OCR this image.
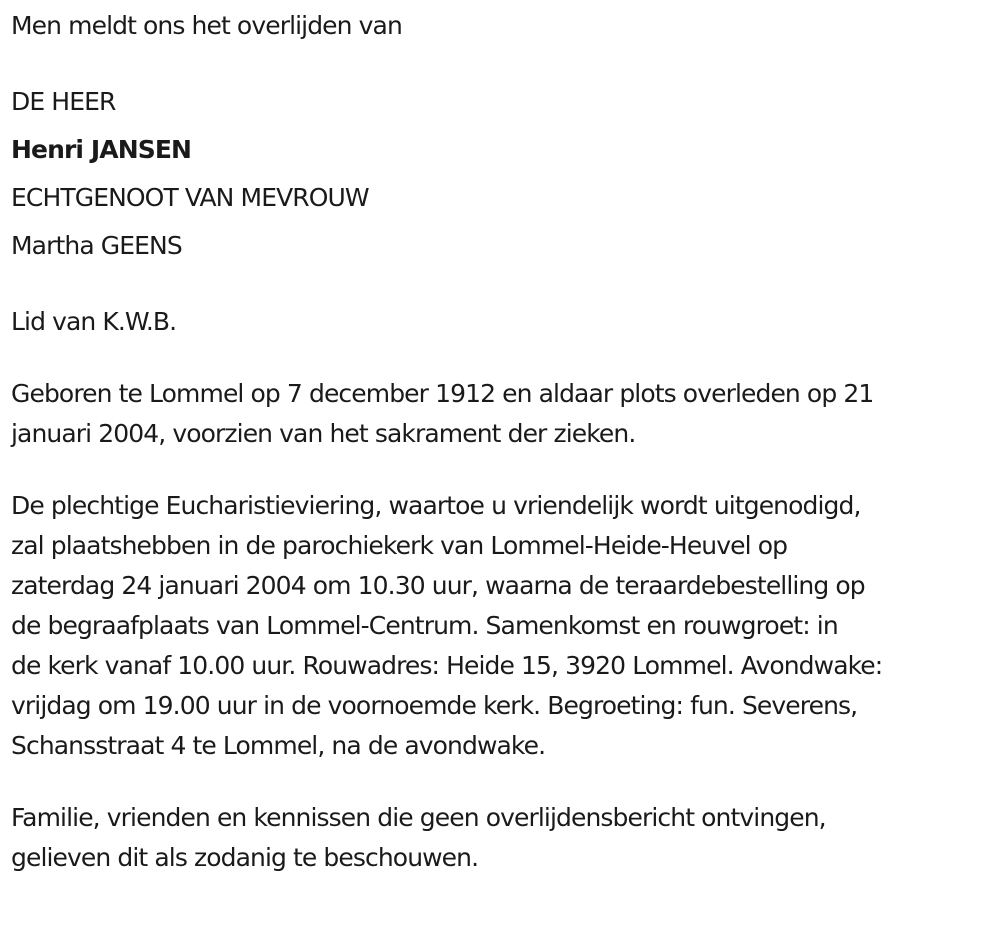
Men meldt ons het overlijden van
DE HEER
Henri JANSEN
ECHTGENOOT VAN MEVROUW
Martha GEENS
Lid van K.W.B.
Geboren te Lommel op 7 december 1912 en aldaar plots overleden op 21
januari 2004, voorzien van het sakrament der zieken.
De plechtige Eucharistieviering, waartoe u vriendelijk wordt uitgenodigd,
zal plaatshebben in de parochiekerk van Lommel-Heide-Heuvel op
zaterdag 24 januari 2004 om 10.30 uur, waarna de teraardebestelling op
de begraafplaats van Lommel-Centrum. Samenkomst en rouwgroet: in
de kerk vanaf 10.00 uur. Rouwadres: Heide 15, 3920 Lommel. Avondwake:
vrijdag om 19.00 uur in de voornoemde kerk. Begroeting: fun. Severens,
Schansstraat 4 te Lommel, na de avondwake.
Familie, vrienden en kennissen die geen overlijdensbericht ontvingen,
gelieven dit als zodanig te beschouwen.
